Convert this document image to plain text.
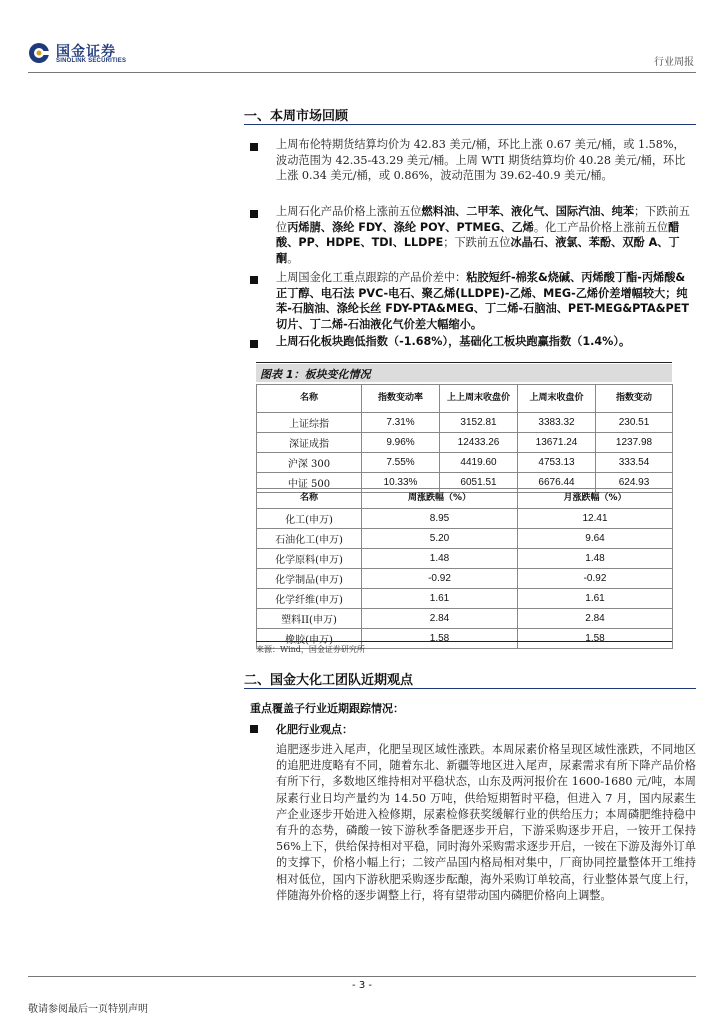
国金证券
SINOLINK SECURITIES	行业周报
一、本周市场回顾
上周布伦特期货结算均价为 42.83 美元/桶，环比上涨 0.67 美元/桶，或 1.58%，波动范围为 42.35-43.29 美元/桶。上周 WTI 期货结算均价 40.28 美元/桶，环比上涨 0.34 美元/桶，或 0.86%，波动范围为 39.62-40.9 美元/桶。
上周石化产品价格上涨前五位燃料油、二甲苯、液化气、国际汽油、纯苯；下跌前五位丙烯腈、涤纶 FDY、涤纶 POY、PTMEG、乙烯。化工产品价格上涨前五位醋酸、PP、HDPE、TDI、LLDPE；下跌前五位冰晶石、液氯、苯酚、双酚 A、丁酮。
上周国金化工重点跟踪的产品价差中：粘胶短纤-棉浆&烧碱、丙烯酸丁酯-丙烯酸&正丁醇、电石法 PVC-电石、聚乙烯(LLDPE)-乙烯、MEG-乙烯价差增幅较大；纯苯-石脑油、涤纶长丝 FDY-PTA&MEG、丁二烯-石脑油、PET-MEG&PTA&PET 切片、丁二烯-石油液化气价差大幅缩小。
上周石化板块跑低指数（-1.68%），基础化工板块跑赢指数（1.4%）。
图表 1：板块变化情况
名称	指数变动率	上上周末收盘价	上周末收盘价	指数变动
上证综指	7.31%	3152.81	3383.32	230.51
深证成指	9.96%	12433.26	13671.24	1237.98
沪深 300	7.55%	4419.60	4753.13	333.54
中证 500	10.33%	6051.51	6676.44	624.93
名称	周涨跌幅（%）	月涨跌幅（%）
化工(申万)	8.95	12.41
石油化工(申万)	5.20	9.64
化学原料(申万)	1.48	1.48
化学制品(申万)	-0.92	-0.92
化学纤维(申万)	1.61	1.61
塑料II(申万)	2.84	2.84
橡胶(申万)	1.58	1.58
来源：Wind，国金证券研究所
二、国金大化工团队近期观点
重点覆盖子行业近期跟踪情况：
化肥行业观点：
追肥逐步进入尾声，化肥呈现区域性涨跌。本周尿素价格呈现区域性涨跌，不同地区的追肥进度略有不同，随着东北、新疆等地区进入尾声，尿素需求有所下降产品价格有所下行，多数地区维持相对平稳状态，山东及两河报价在 1600-1680 元/吨，本周尿素行业日均产量约为 14.50 万吨，供给短期暂时平稳，但进入 7 月，国内尿素生产企业逐步开始进入检修期，尿素检修获奖缓解行业的供给压力；本周磷肥维持稳中有升的态势，磷酸一铵下游秋季备肥逐步开启，下游采购逐步开启，一铵开工保持 56%上下，供给保持相对平稳，同时海外采购需求逐步开启，一铵在下游及海外订单的支撑下，价格小幅上行；二铵产品国内格局相对集中，厂商协同控量整体开工维持相对低位，国内下游秋肥采购逐步酝酿，海外采购订单较高，行业整体景气度上行，伴随海外价格的逐步调整上行，将有望带动国内磷肥价格向上调整。
- 3 -
敬请参阅最后一页特别声明
